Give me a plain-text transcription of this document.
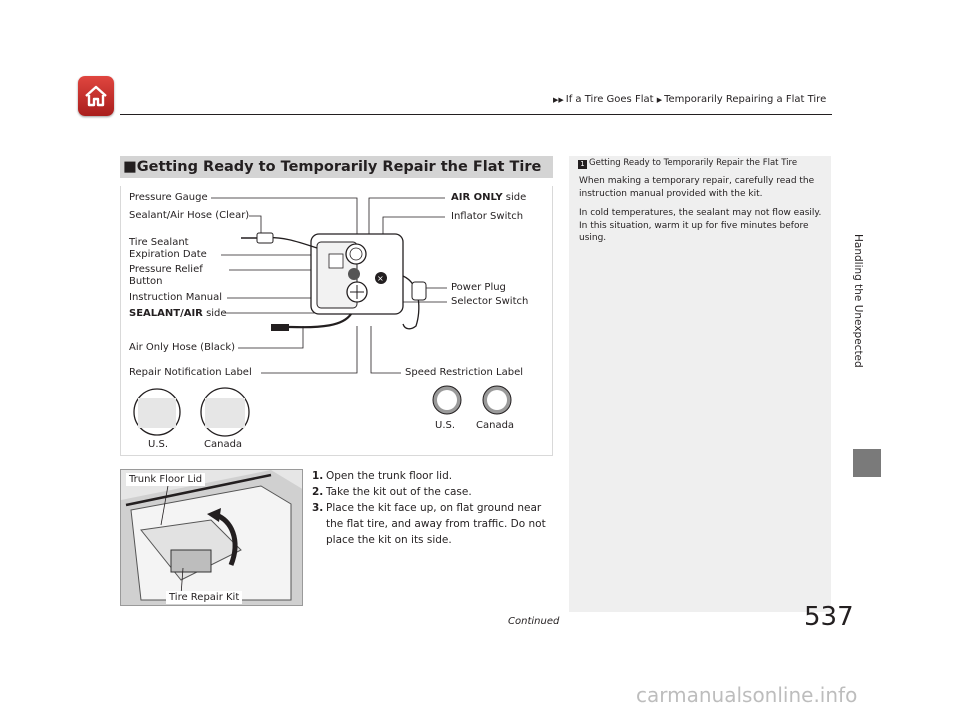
▶▶ If a Tire Goes Flat ▶ Temporarily Repairing a Flat Tire
Handling the Unexpected
■Getting Ready to Temporarily Repair the Flat Tire
×
Pressure Gauge
Sealant/Air Hose (Clear)
Tire Sealant
Expiration Date
Pressure Relief
Button
Instruction Manual
SEALANT/AIR side
Air Only Hose (Black)
Repair Notification Label
AIR ONLY side
Inflator Switch
Power Plug
Selector Switch
Speed Restriction Label
U.S.	Canada
U.S. Canada
Trunk Floor Lid
Tire Repair Kit
1. Open the trunk floor lid.
2. Take the kit out of the case.
3. Place the kit face up, on flat ground near the flat tire, and away from traffic. Do not place the kit on its side.
1 Getting Ready to Temporarily Repair the Flat Tire

When making a temporary repair, carefully read the instruction manual provided with the kit.

In cold temperatures, the sealant may not flow easily. In this situation, warm it up for five minutes before using.

Continued	537
carmanualsonline.info
